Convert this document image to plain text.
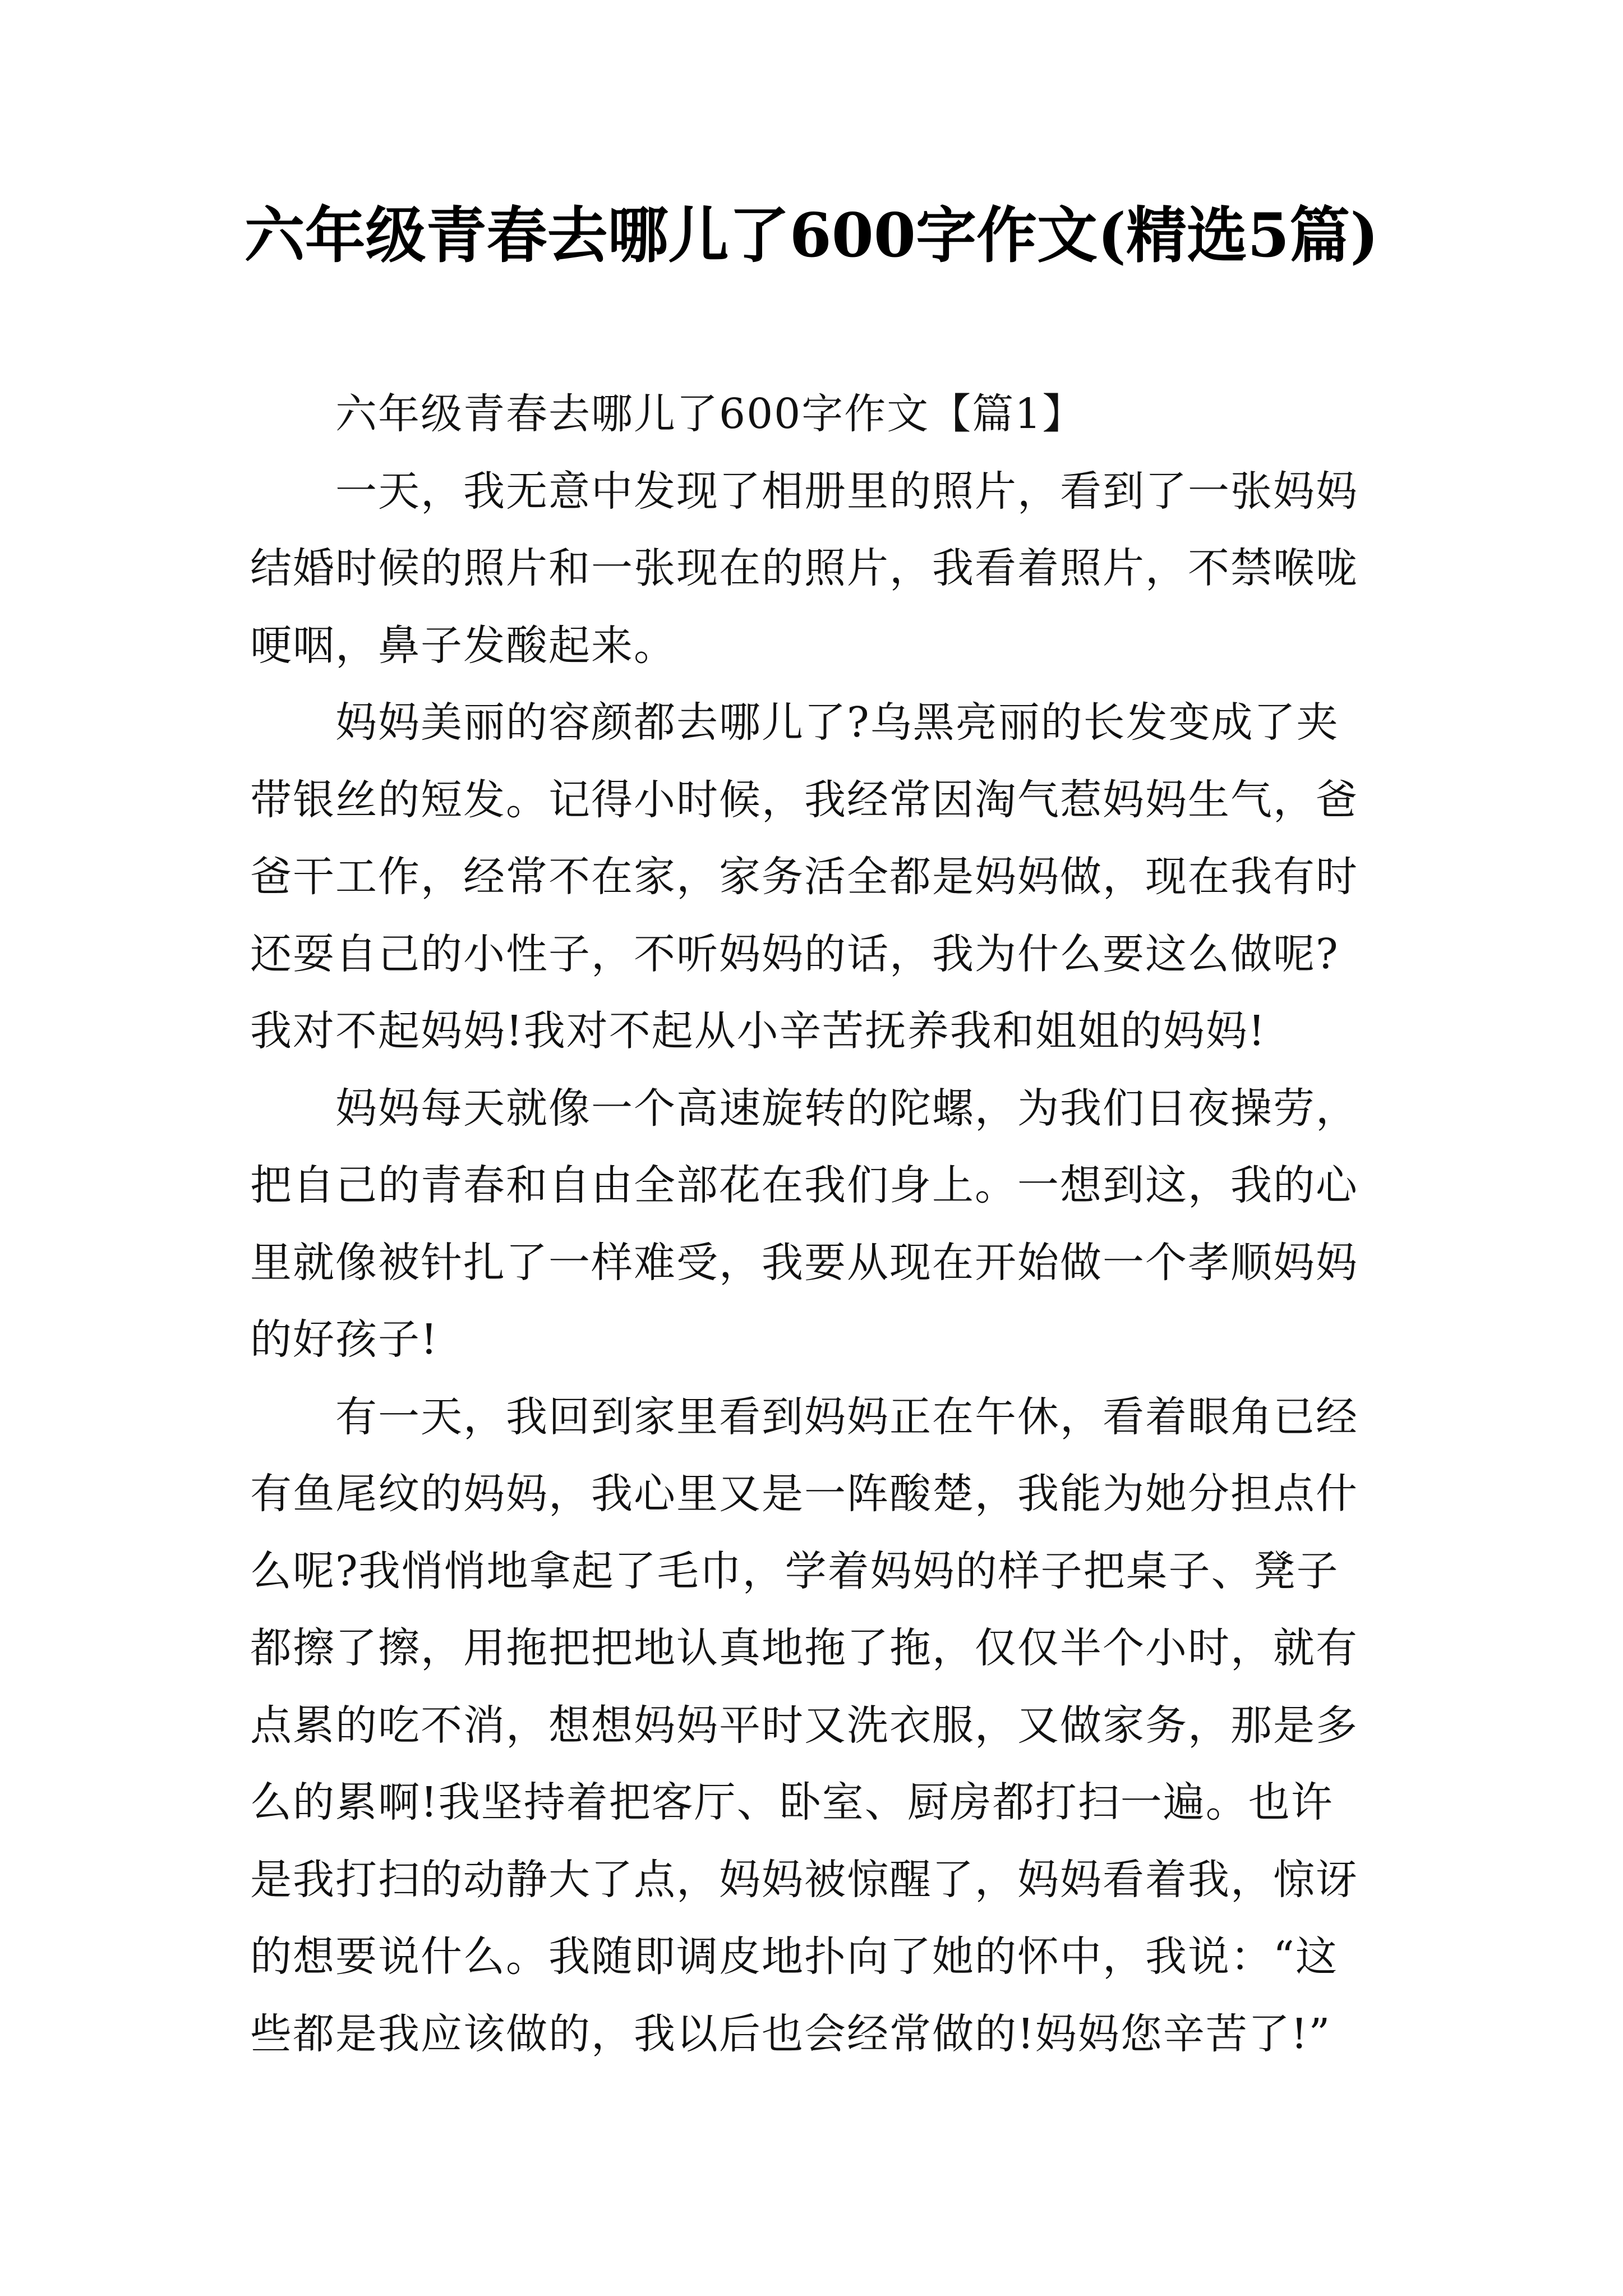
六年级青春去哪儿了600字作文(精选5篇)
六年级青春去哪儿了600字作文【篇1】
一天，我无意中发现了相册里的照片，看到了一张妈妈
结婚时候的照片和一张现在的照片，我看着照片，不禁喉咙
哽咽，鼻子发酸起来。
妈妈美丽的容颜都去哪儿了?乌黑亮丽的长发变成了夹
带银丝的短发。记得小时候，我经常因淘气惹妈妈生气，爸
爸干工作，经常不在家，家务活全都是妈妈做，现在我有时
还耍自己的小性子，不听妈妈的话，我为什么要这么做呢?
我对不起妈妈!我对不起从小辛苦抚养我和姐姐的妈妈!
妈妈每天就像一个高速旋转的陀螺，为我们日夜操劳，
把自己的青春和自由全部花在我们身上。一想到这，我的心
里就像被针扎了一样难受，我要从现在开始做一个孝顺妈妈
的好孩子!
有一天，我回到家里看到妈妈正在午休，看着眼角已经
有鱼尾纹的妈妈，我心里又是一阵酸楚，我能为她分担点什
么呢?我悄悄地拿起了毛巾，学着妈妈的样子把桌子、凳子
都擦了擦，用拖把把地认真地拖了拖，仅仅半个小时，就有
点累的吃不消，想想妈妈平时又洗衣服，又做家务，那是多
么的累啊!我坚持着把客厅、卧室、厨房都打扫一遍。也许
是我打扫的动静大了点，妈妈被惊醒了，妈妈看着我，惊讶
的想要说什么。我随即调皮地扑向了她的怀中，我说：“这
些都是我应该做的，我以后也会经常做的!妈妈您辛苦了!”
